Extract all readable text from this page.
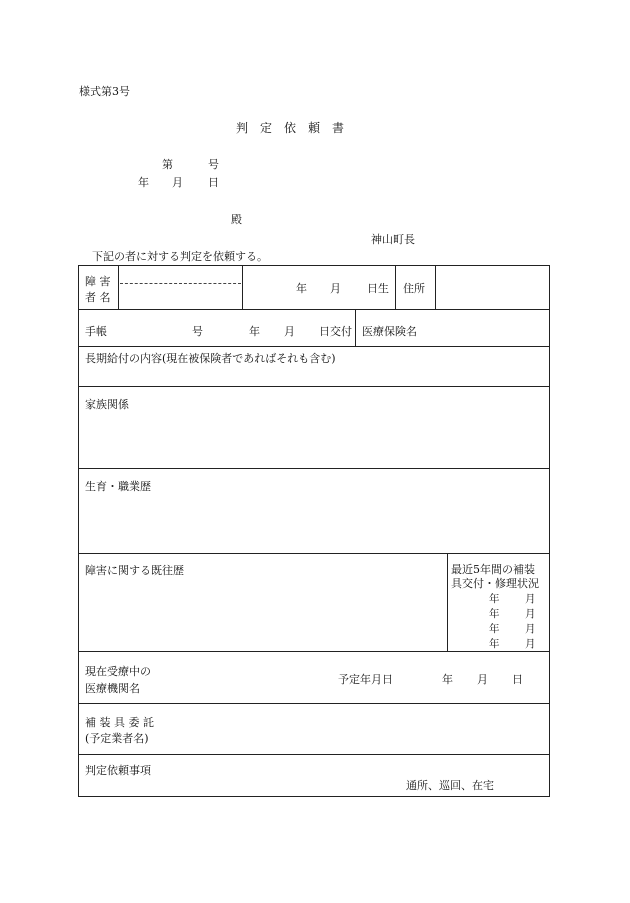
様式第3号
判　定　依　頼　書
第	号
年 月 日
殿
神山町長
下記の者に対する判定を依頼する。
障 害
者 名
年 月 日生 住所
手帳	号	年 月 日交付 医療保険名
長期給付の内容(現在被保険者であればそれも含む)
家族関係
生育・職業歴
障害に関する既往歴	最近5年間の補装
具交付・修理状況
年 月
年 月
年 月
年 月
現在受療中の
医療機関名
予定年月日	年 月 日
補 装 具 委 託
(予定業者名)
判定依頼事項
通所、巡回、在宅
